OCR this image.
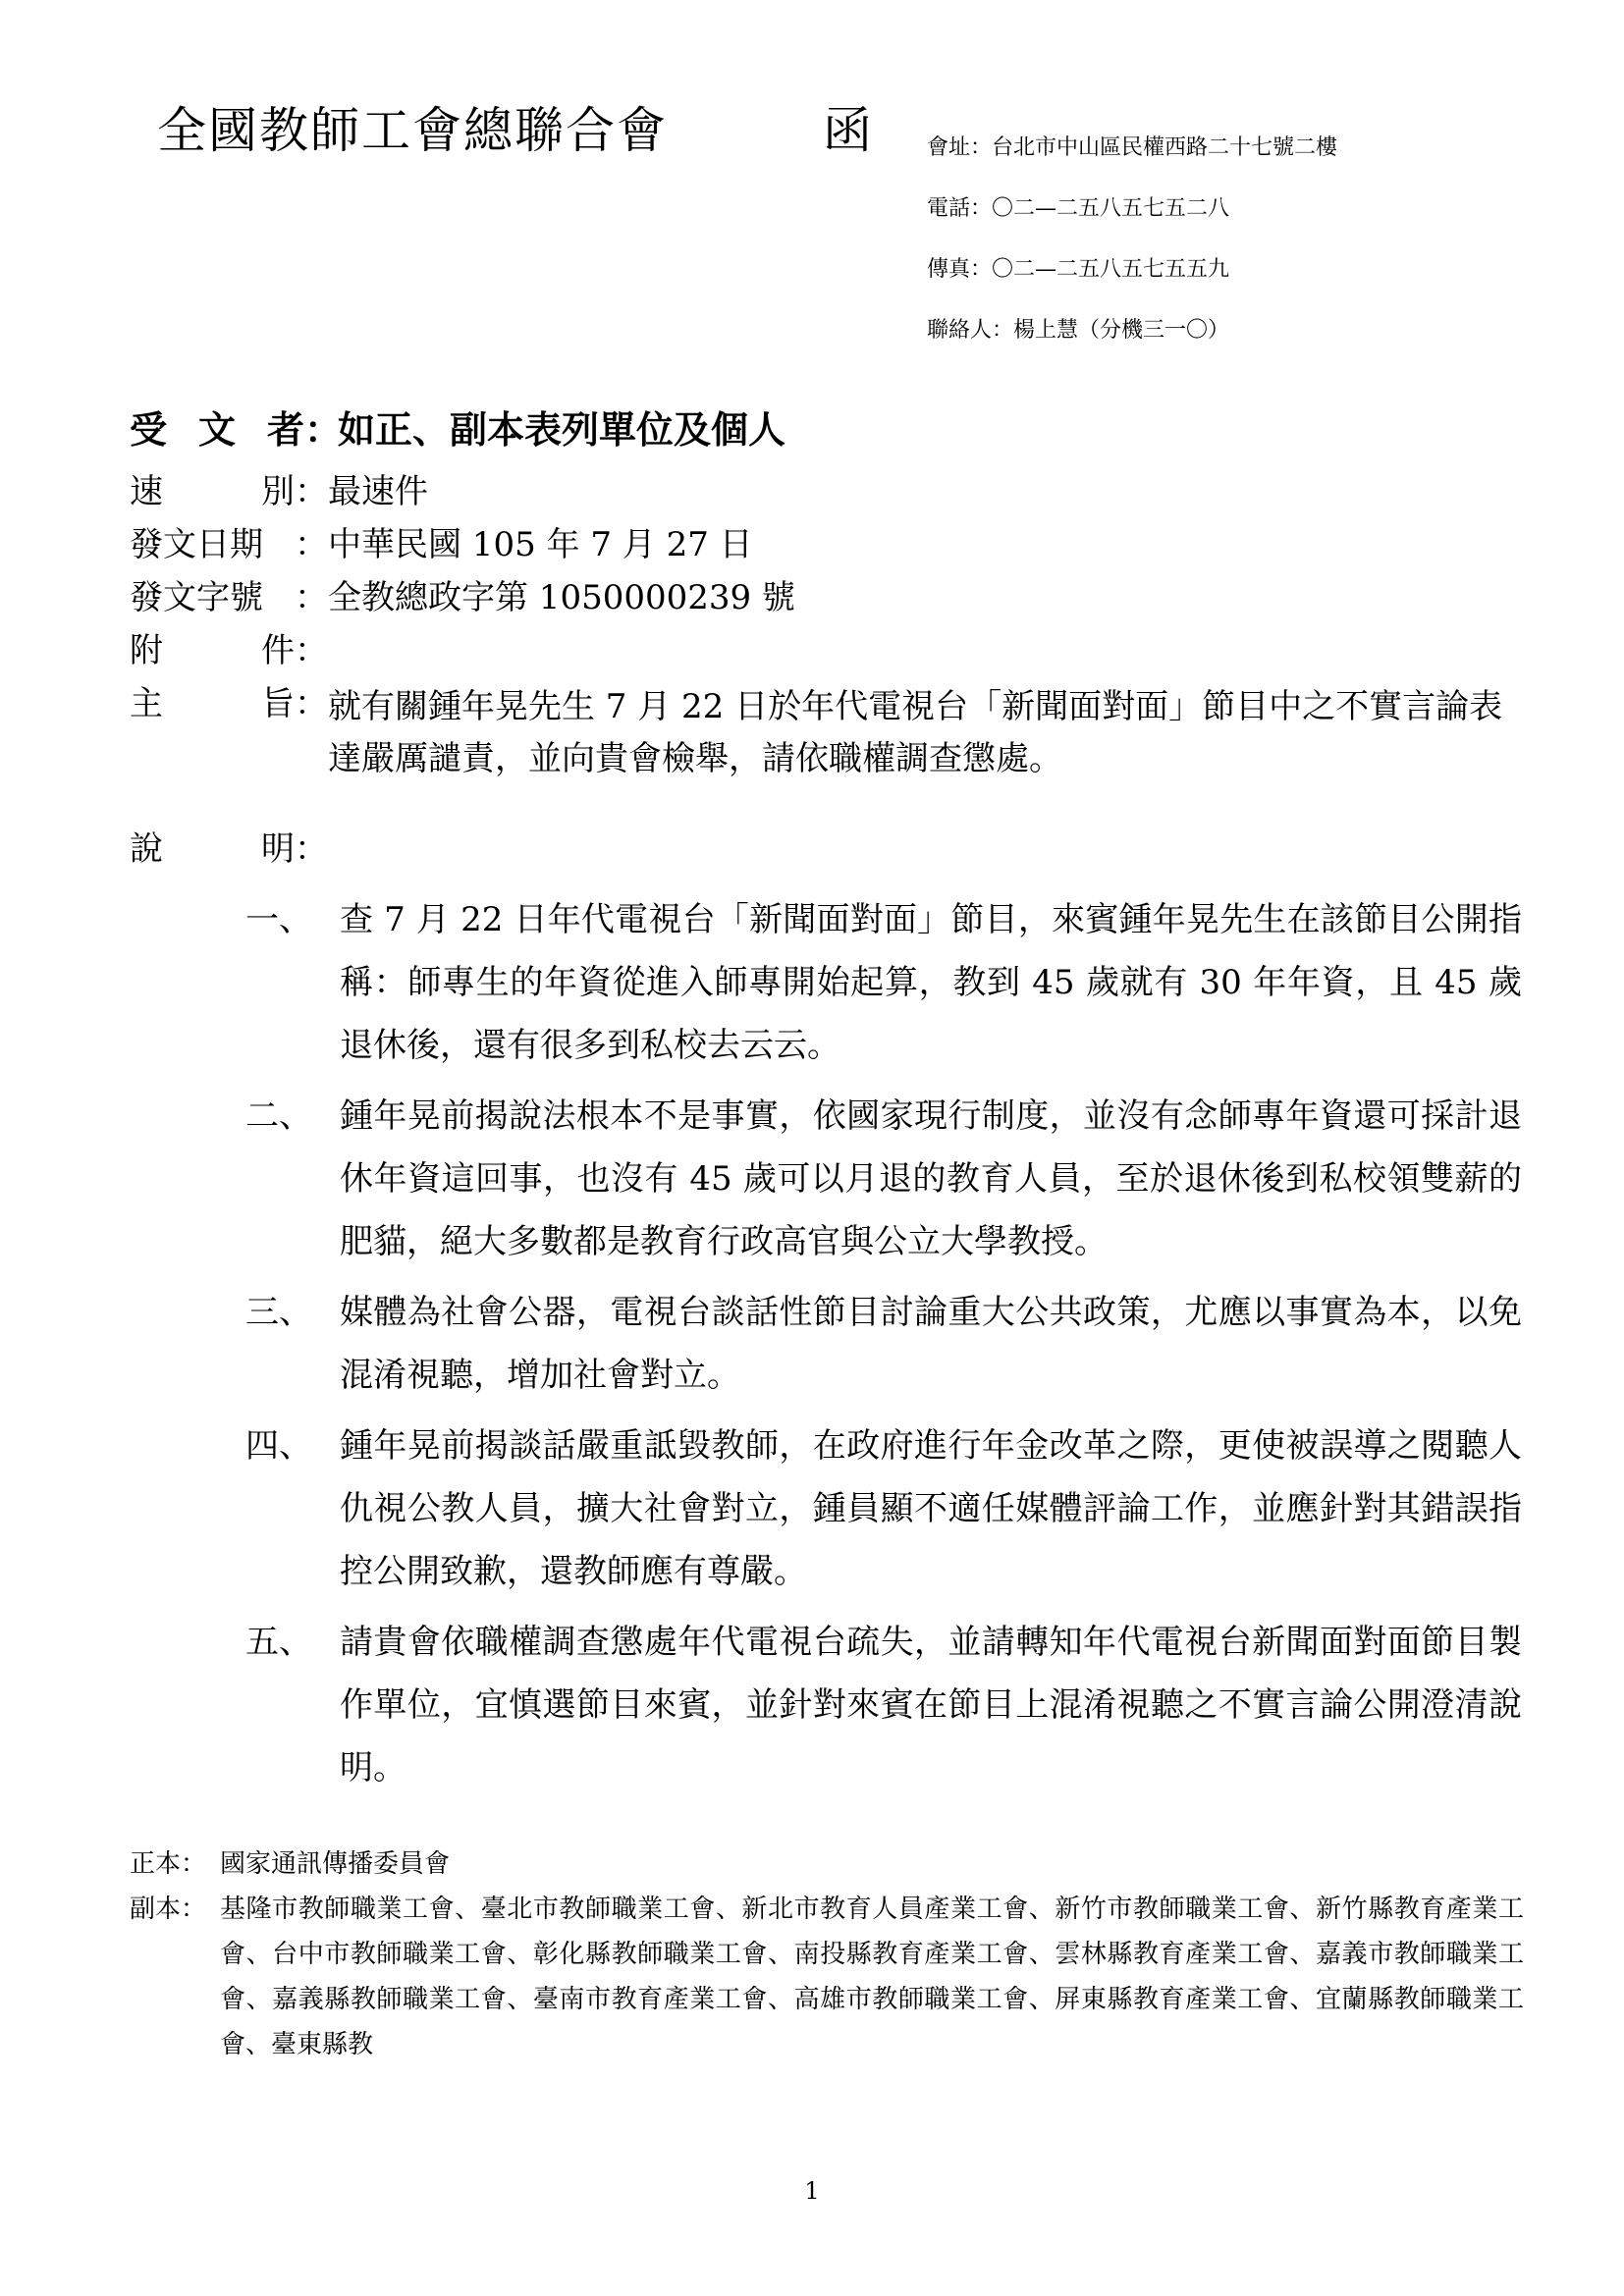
全國教師工會總聯合會	函	會址：台北市中山區民權西路二十七號二樓
電話：〇二—二五八五七五二八
傳真：〇二—二五八五七五五九
聯絡人：楊上慧（分機三一〇）
受 文 者 ：
如正、副本表列單位及個人
速	別 ： 最速件
發文日期 ： 中華民國 105 年 7 月 27 日
發文字號 ： 全教總政字第 1050000239 號
附	件 ：
主	旨 ： 就有關鍾年晃先生 7 月 22 日於年代電視台「新聞面對面」節目中之不實言論表達嚴厲譴責，並向貴會檢舉，請依職權調查懲處。
說	明 ：
一、 查 7 月 22 日年代電視台「新聞面對面」節目，來賓鍾年晃先生在該節目公開指稱：師專生的年資從進入師專開始起算，教到 45 歲就有 30 年年資，且 45 歲退休後，還有很多到私校去云云。
二、 鍾年晃前揭說法根本不是事實，依國家現行制度，並沒有念師專年資還可採計退休年資這回事，也沒有 45 歲可以月退的教育人員，至於退休後到私校領雙薪的肥貓，絕大多數都是教育行政高官與公立大學教授。
三、 媒體為社會公器，電視台談話性節目討論重大公共政策，尤應以事實為本，以免混淆視聽，增加社會對立。
四、 鍾年晃前揭談話嚴重詆毀教師，在政府進行年金改革之際，更使被誤導之閱聽人仇視公教人員，擴大社會對立，鍾員顯不適任媒體評論工作，並應針對其錯誤指控公開致歉，還教師應有尊嚴。
五、 請貴會依職權調查懲處年代電視台疏失，並請轉知年代電視台新聞面對面節目製作單位，宜慎選節目來賓，並針對來賓在節目上混淆視聽之不實言論公開澄清說明。
正本： 國家通訊傳播委員會
副本： 基隆市教師職業工會、臺北市教師職業工會、新北市教育人員產業工會、新竹市教師職業工會、新竹縣教育產業工會、台中市教師職業工會、彰化縣教師職業工會、南投縣教育產業工會、雲林縣教育產業工會、嘉義市教師職業工會、嘉義縣教師職業工會、臺南市教育產業工會、高雄市教師職業工會、屏東縣教育產業工會、宜蘭縣教師職業工會、臺東縣教
1
